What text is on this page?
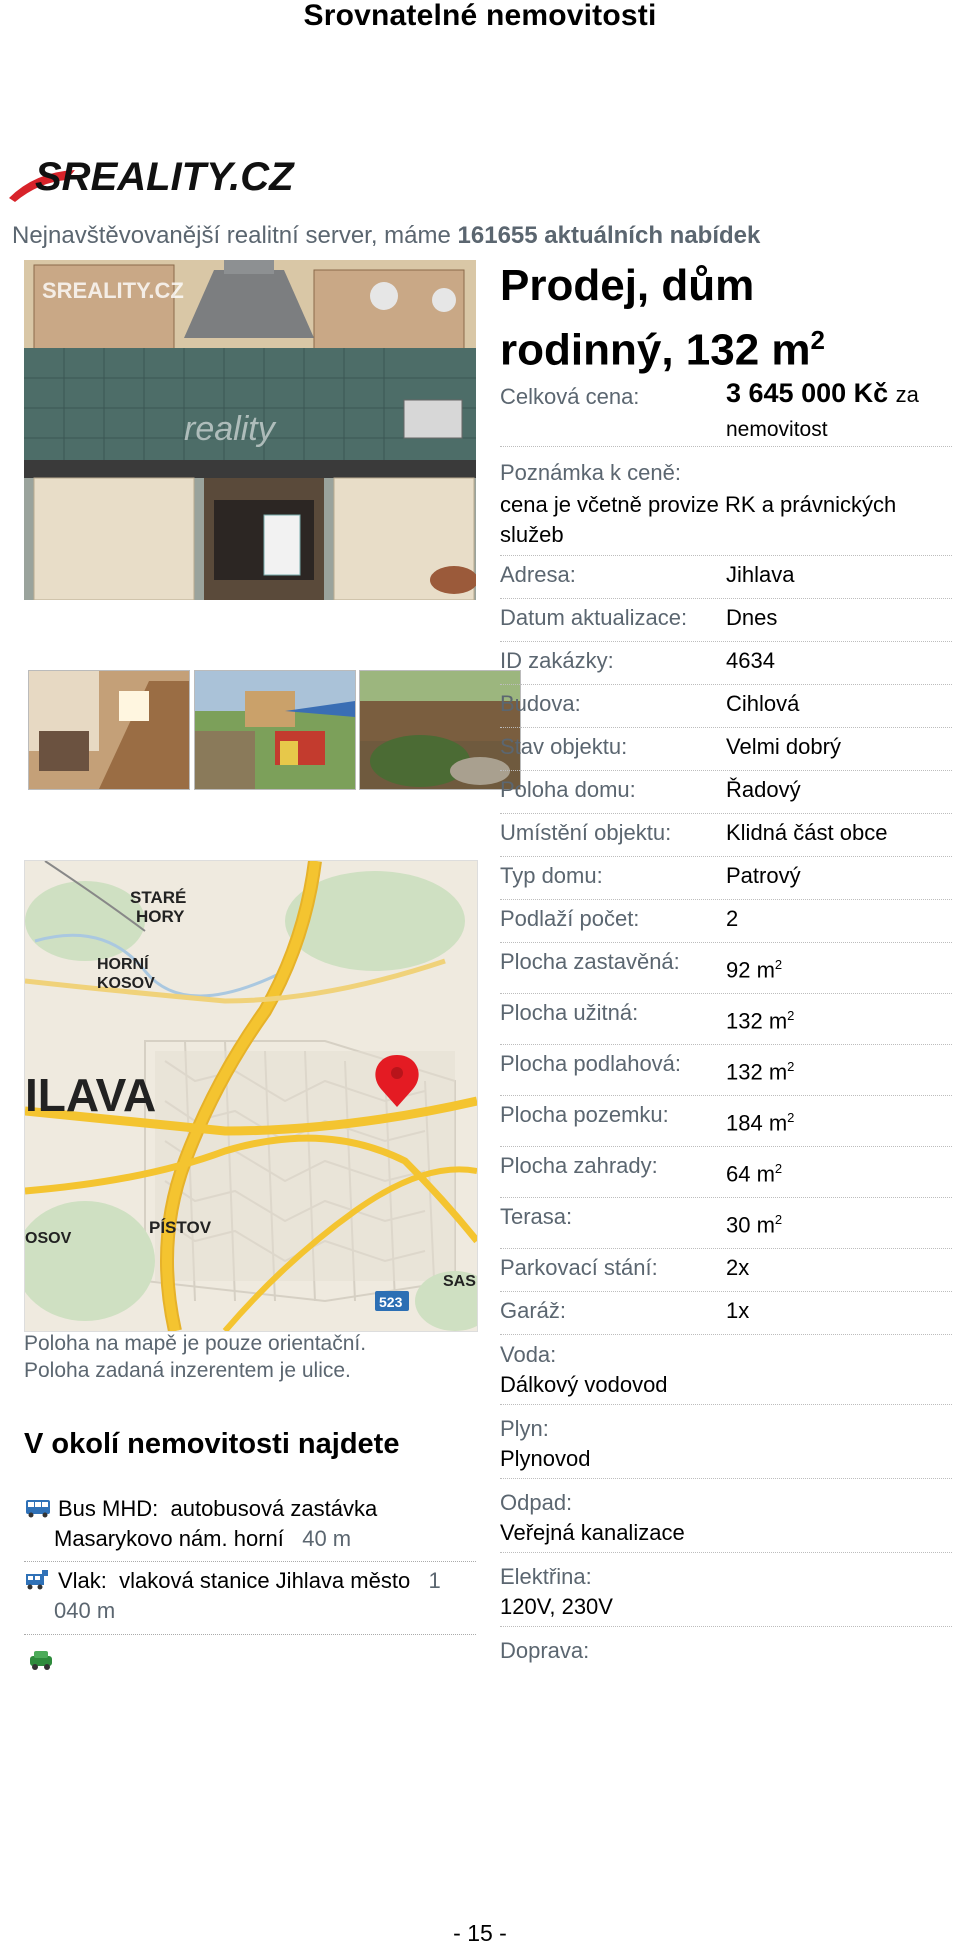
Srovnatelné nemovitosti
SREALITY.CZ
Nejnavštěvovanější realitní server, máme 161655 aktuálních nabídek
SREALITY.CZ
reality
523
STARÉ
HORY
HORNÍ
KOSOV
ILAVA
PÍSTOV
OSOV
SAS
Poloha na mapě je pouze orientační.
Poloha zadaná inzerentem je ulice.
V okolí nemovitosti najdete
Bus MHD: autobusová zastávka
Masarykovo nám. horní 40 m
Vlak: vlaková stanice Jihlava město 1
040 m
Prodej, dům
rodinný, 132 $m^2$
Celková cena:	3 645 000 Kč za
nemovitost
Poznámka k ceně:
cena je včetně provize RK a právnických služeb
Adresa:	Jihlava
Datum aktualizace: Dnes
ID zakázky:	4634
Budova:	Cihlová
Stav objektu:	Velmi dobrý
Poloha domu:	Řadový
Umístění objektu: Klidná část obce
Typ domu:	Patrový
Podlaží počet:	2
Plocha zastavěná: 92 $m^2$
Plocha užitná:	132 $m^2$
Plocha podlahová: 132 $m^2$
Plocha pozemku:	184 $m^2$
Plocha zahrady:	64 $m^2$
Terasa:	30 $m^2$
Parkovací stání:	2x
Garáž:	1x
Voda:
Dálkový vodovod
Plyn:
Plynovod
Odpad:
Veřejná kanalizace
Elektřina:
120V, 230V
Doprava:
- 15 -
